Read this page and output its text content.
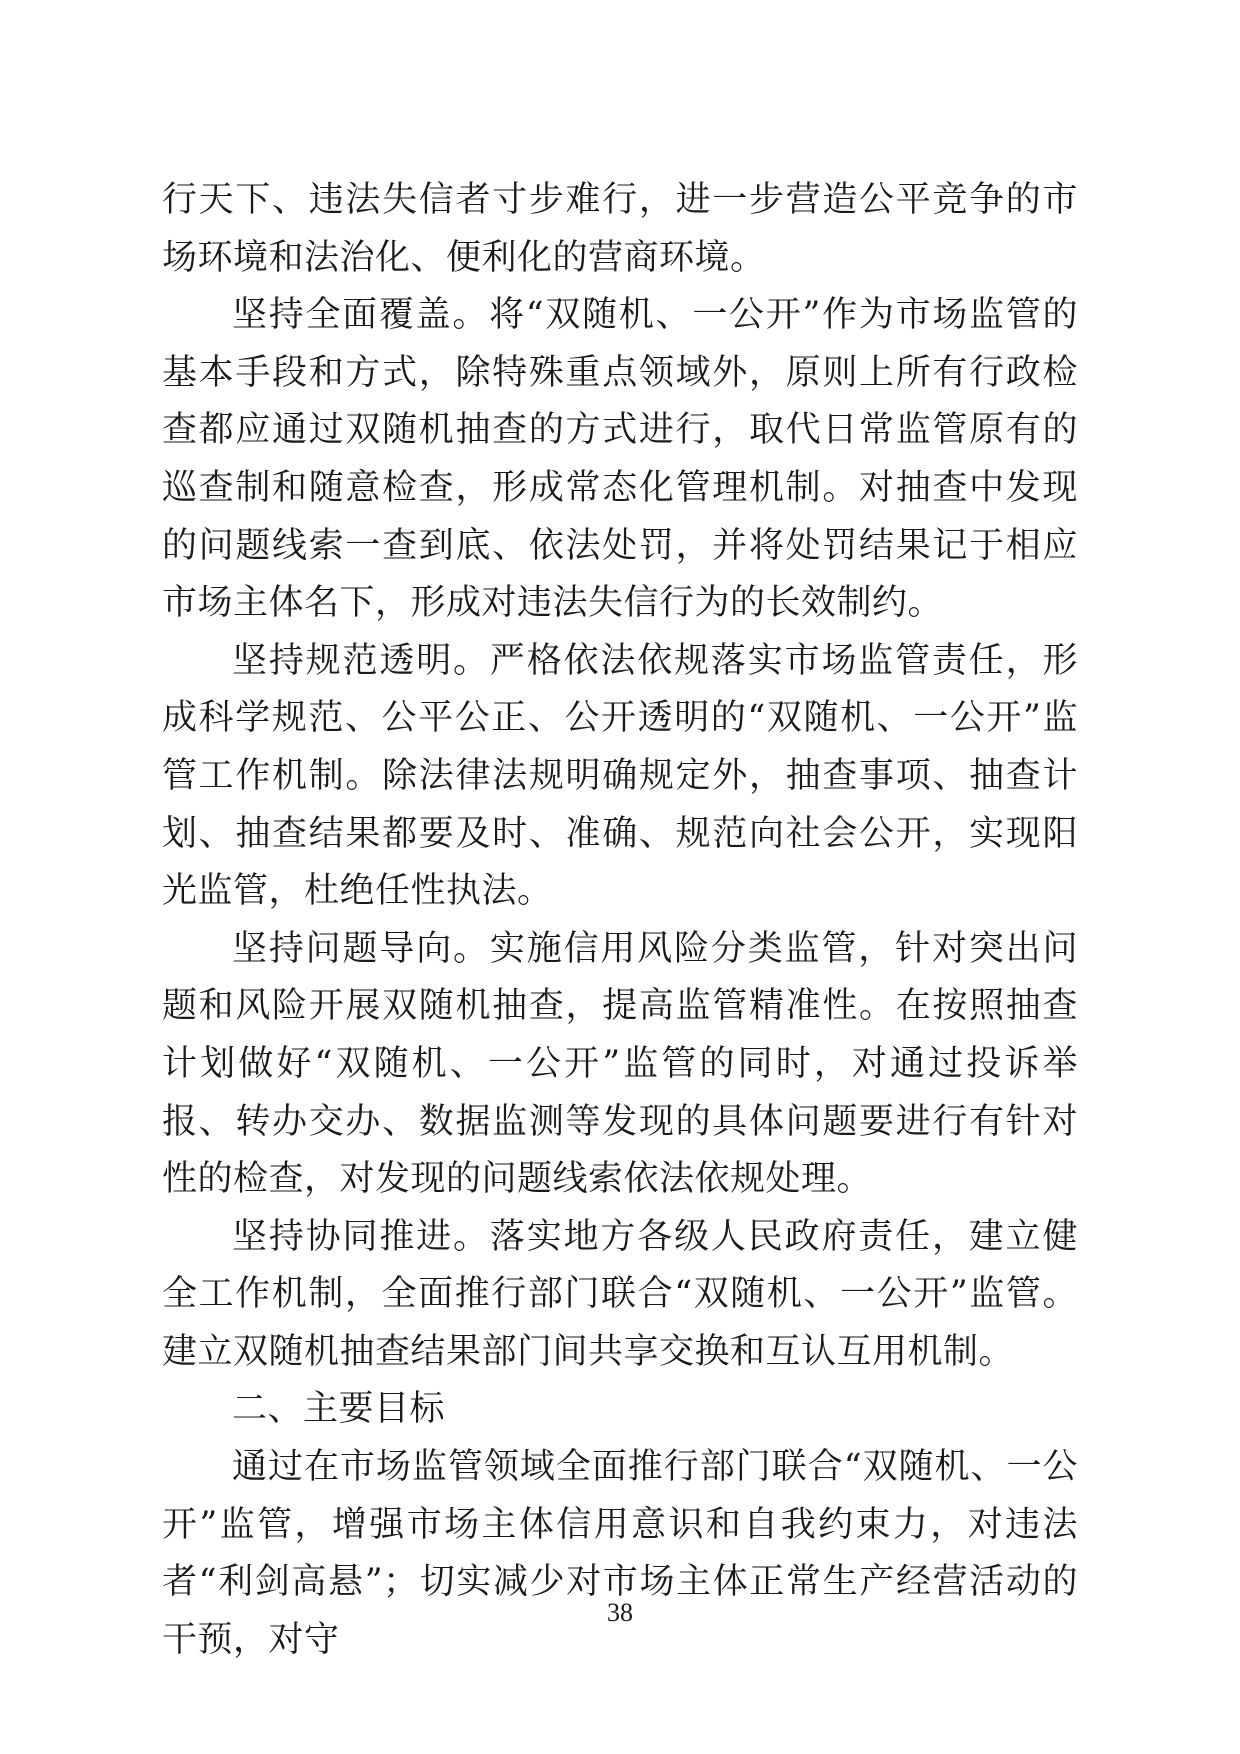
行天下、违法失信者寸步难行，进一步营造公平竞争的市场环境和法治化、便利化的营商环境。

坚持全面覆盖。将“双随机、一公开”作为市场监管的基本手段和方式，除特殊重点领域外，原则上所有行政检查都应通过双随机抽查的方式进行，取代日常监管原有的巡查制和随意检查，形成常态化管理机制。对抽查中发现的问题线索一查到底、依法处罚，并将处罚结果记于相应市场主体名下，形成对违法失信行为的长效制约。

坚持规范透明。严格依法依规落实市场监管责任，形成科学规范、公平公正、公开透明的“双随机、一公开”监管工作机制。除法律法规明确规定外，抽查事项、抽查计划、抽查结果都要及时、准确、规范向社会公开，实现阳光监管，杜绝任性执法。

坚持问题导向。实施信用风险分类监管，针对突出问题和风险开展双随机抽查，提高监管精准性。在按照抽查计划做好“双随机、一公开”监管的同时，对通过投诉举报、转办交办、数据监测等发现的具体问题要进行有针对性的检查，对发现的问题线索依法依规处理。

坚持协同推进。落实地方各级人民政府责任，建立健全工作机制，全面推行部门联合“双随机、一公开”监管。建立双随机抽查结果部门间共享交换和互认互用机制。

二、主要目标

通过在市场监管领域全面推行部门联合“双随机、一公开”监管，增强市场主体信用意识和自我约束力，对违法者“利剑高悬”；切实减少对市场主体正常生产经营活动的干预，对守

38
